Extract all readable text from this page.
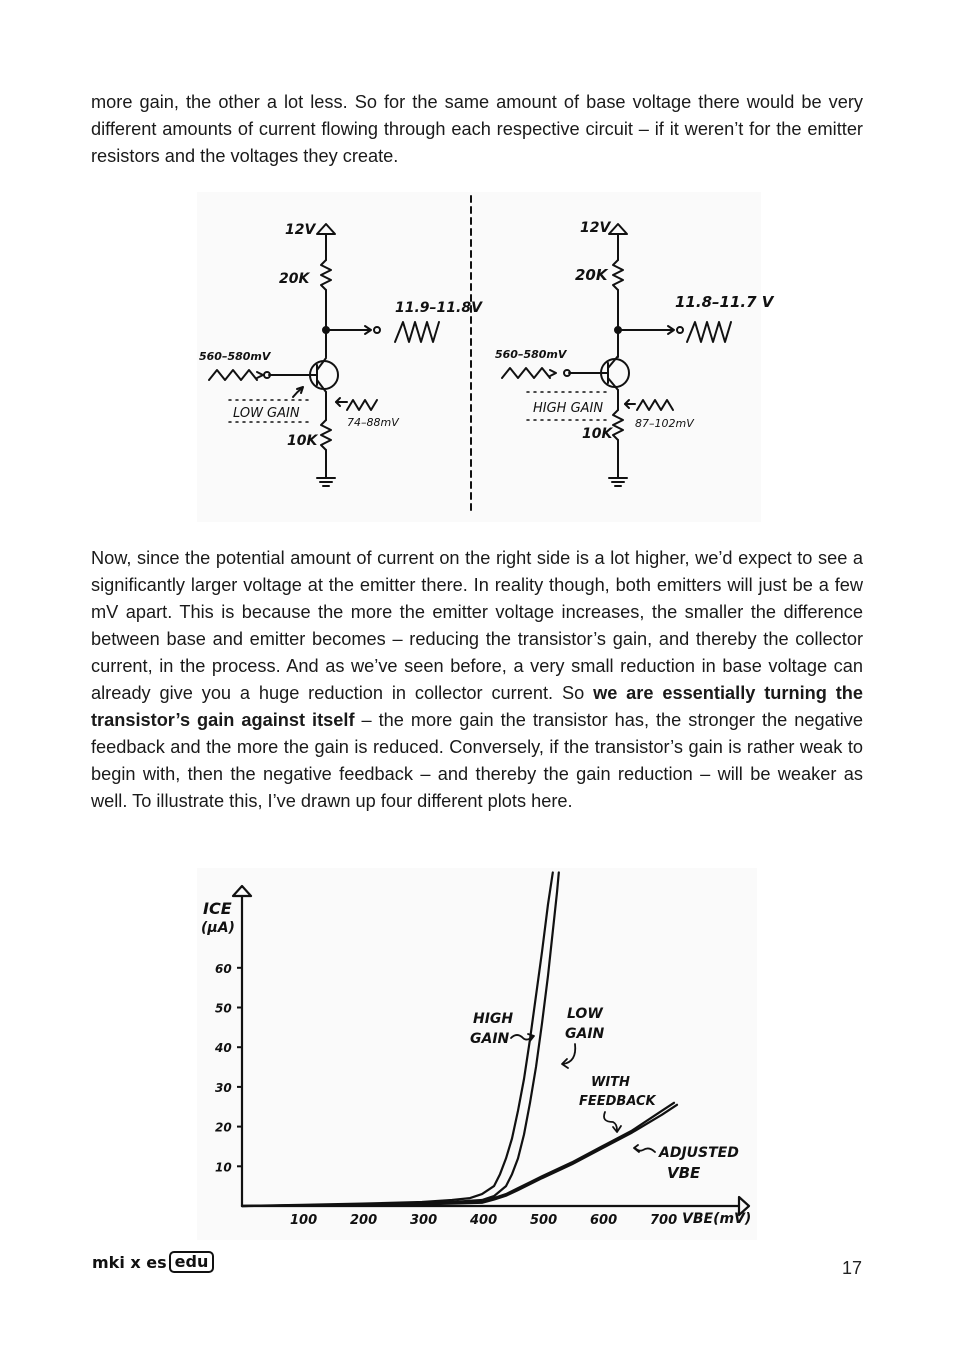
more gain, the other a lot less. So for the same amount of base voltage there would be very different amounts of current flowing through each respective circuit – if it weren’t for the emitter resistors and the voltages they create.

12V
20K
11.9–11.8V
560–580mV
LOW GAIN
74–88mV
10K
12V
20K
11.8–11.7 V
560–580mV
HIGH GAIN
87–102mV
10K

Now, since the potential amount of current on the right side is a lot higher, we’d expect to see a significantly larger voltage at the emitter there. In reality though, both emitters will just be a few mV apart. This is because the more the emitter voltage increases, the smaller the difference between base and emitter becomes – reducing the transistor’s gain, and thereby the collector current, in the process. And as we’ve seen before, a very small reduction in base voltage can already give you a huge reduction in collector current. So we are essentially turning the transistor’s gain against itself – the more gain the transistor has, the stronger the negative feedback and the more the gain is reduced. Conversely, if the transistor’s gain is rather weak to begin with, then the negative feedback – and thereby the gain reduction – will be weaker as well. To illustrate this, I’ve drawn up four different plots here.

100	200	300	400	500	600	700
10
20
30
40
50
60
ICE
(µA)
VBE(mV)
HIGH
GAIN
LOW
GAIN
WITH
FEEDBACK
ADJUSTED
VBE
mki x es edu	17
